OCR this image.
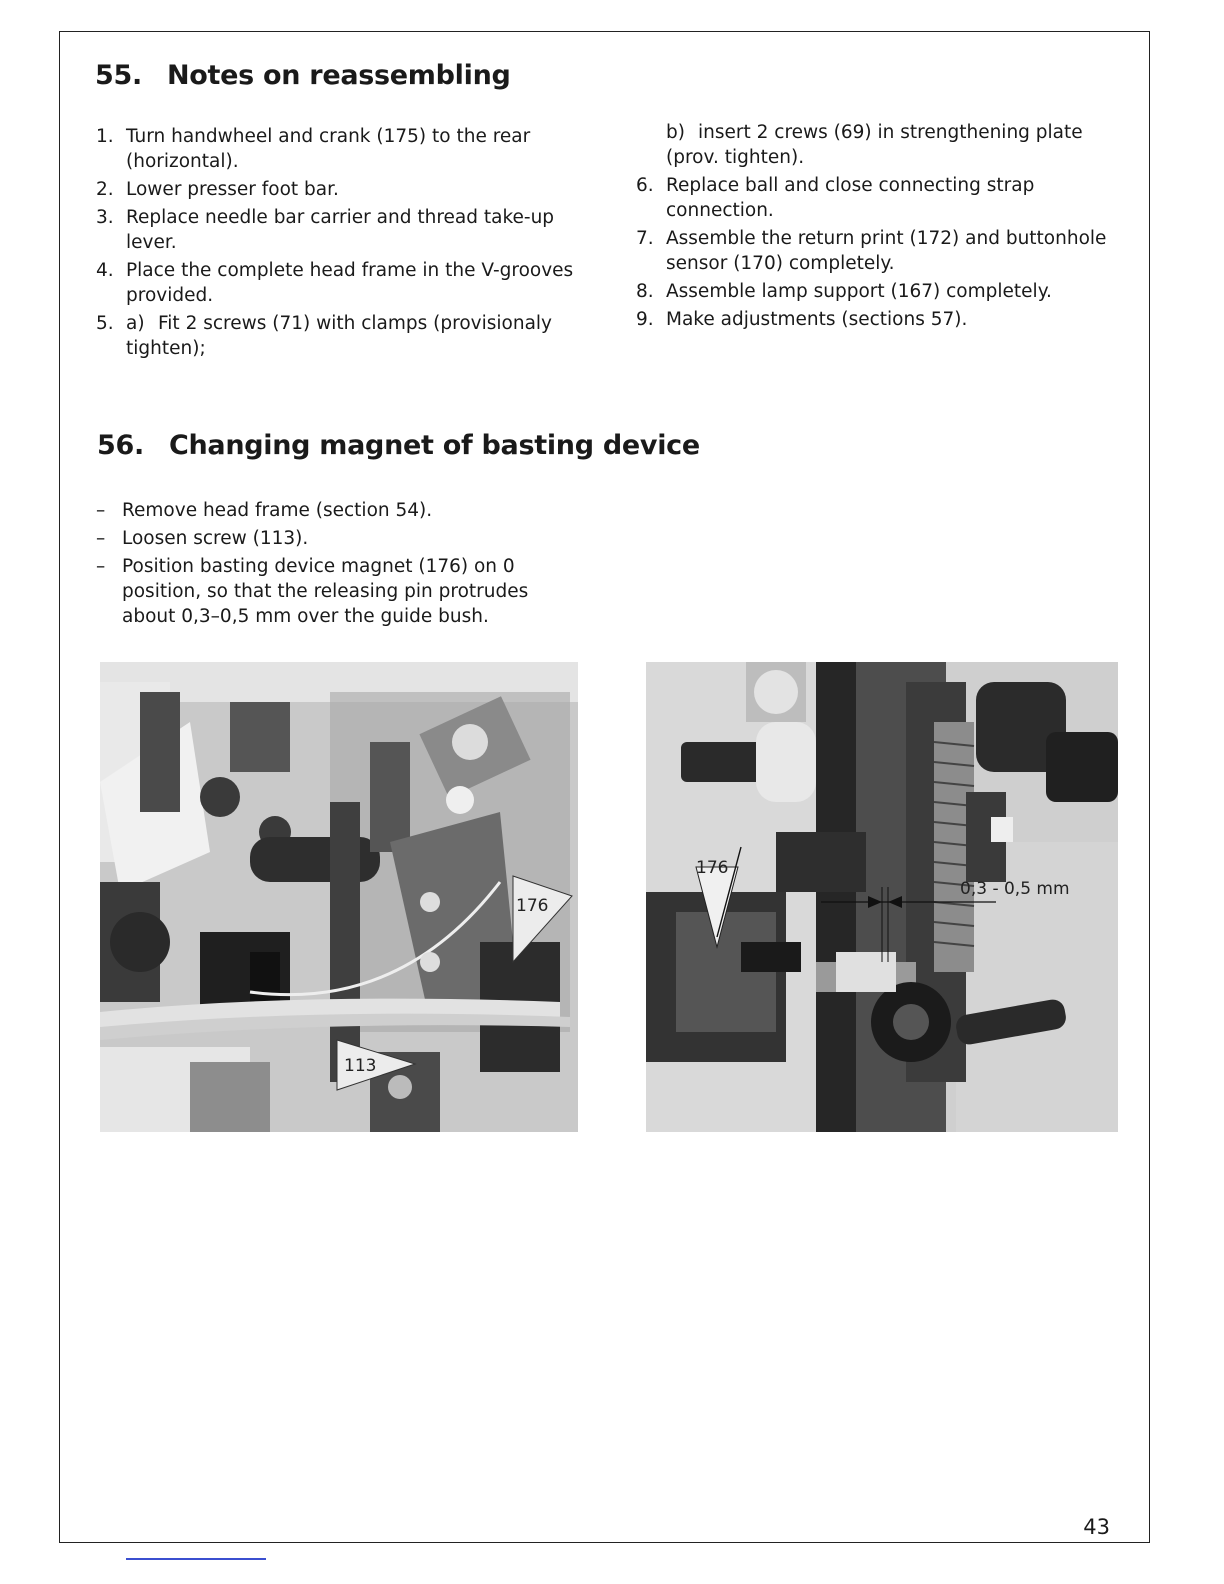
55. Notes on reassembling
1. Turn handwheel and crank (175) to the rear (horizontal).
2. Lower presser foot bar.
3. Replace needle bar carrier and thread take-up lever.
4. Place the complete head frame in the V-grooves provided.
5. a) Fit 2 screws (71) with clamps (provisionaly tighten);
b) insert 2 crews (69) in strengthening plate (prov. tighten).
6. Replace ball and close connecting strap connection.
7. Assemble the return print (172) and buttonhole sensor (170) completely.
8. Assemble lamp support (167) completely.
9. Make adjustments (sections 57).
56. Changing magnet of basting device
– Remove head frame (section 54).
– Loosen screw (113).
– Position basting device magnet (176) on 0 position, so that the releasing pin protrudes about 0,3–0,5 mm over the guide bush.
176
113
0,3 - 0,5 mm
176
43
